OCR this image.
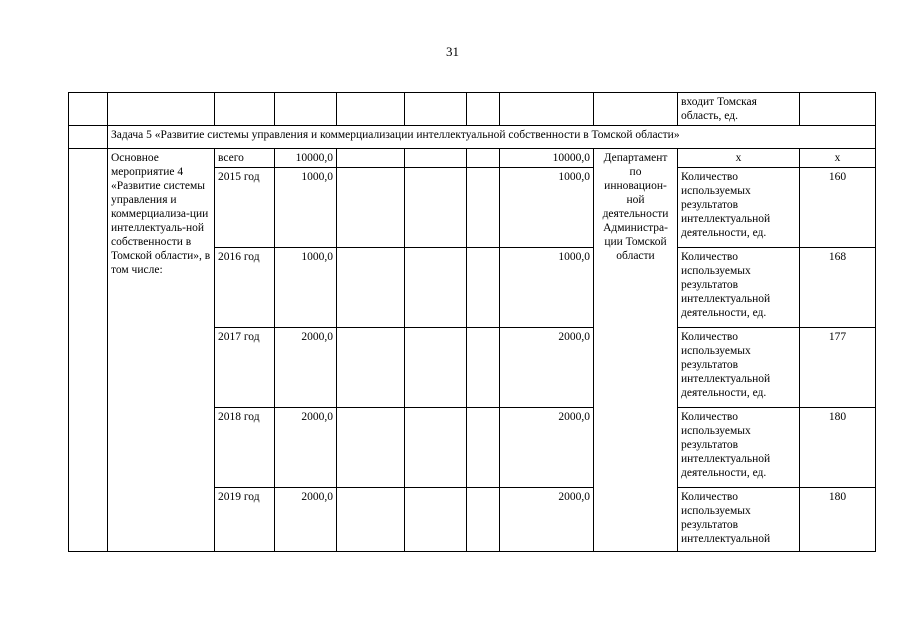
31
									входит Томская область, ед.	
	Задача 5 «Развитие системы управления и коммерциализации интеллектуальной собственности в Томской области»									
	Основное мероприятие 4 «Развитие системы управления и коммерциализа-ции интеллектуаль-ной собственности в Томской области», в том числе:	всего	10000,0				10000,0	Департамент по инновацион-ной деятельности Администра-ции Томской области	х	х
		2015 год	1000,0				1000,0		Количество используемых результатов интеллектуальной деятельности, ед.	160
		2016 год	1000,0				1000,0		Количество используемых результатов интеллектуальной деятельности, ед.	168
		2017 год	2000,0				2000,0		Количество используемых результатов интеллектуальной деятельности, ед.	177
		2018 год	2000,0				2000,0		Количество используемых результатов интеллектуальной деятельности, ед.	180
		2019 год	2000,0				2000,0		Количество используемых результатов интеллектуальной	180
